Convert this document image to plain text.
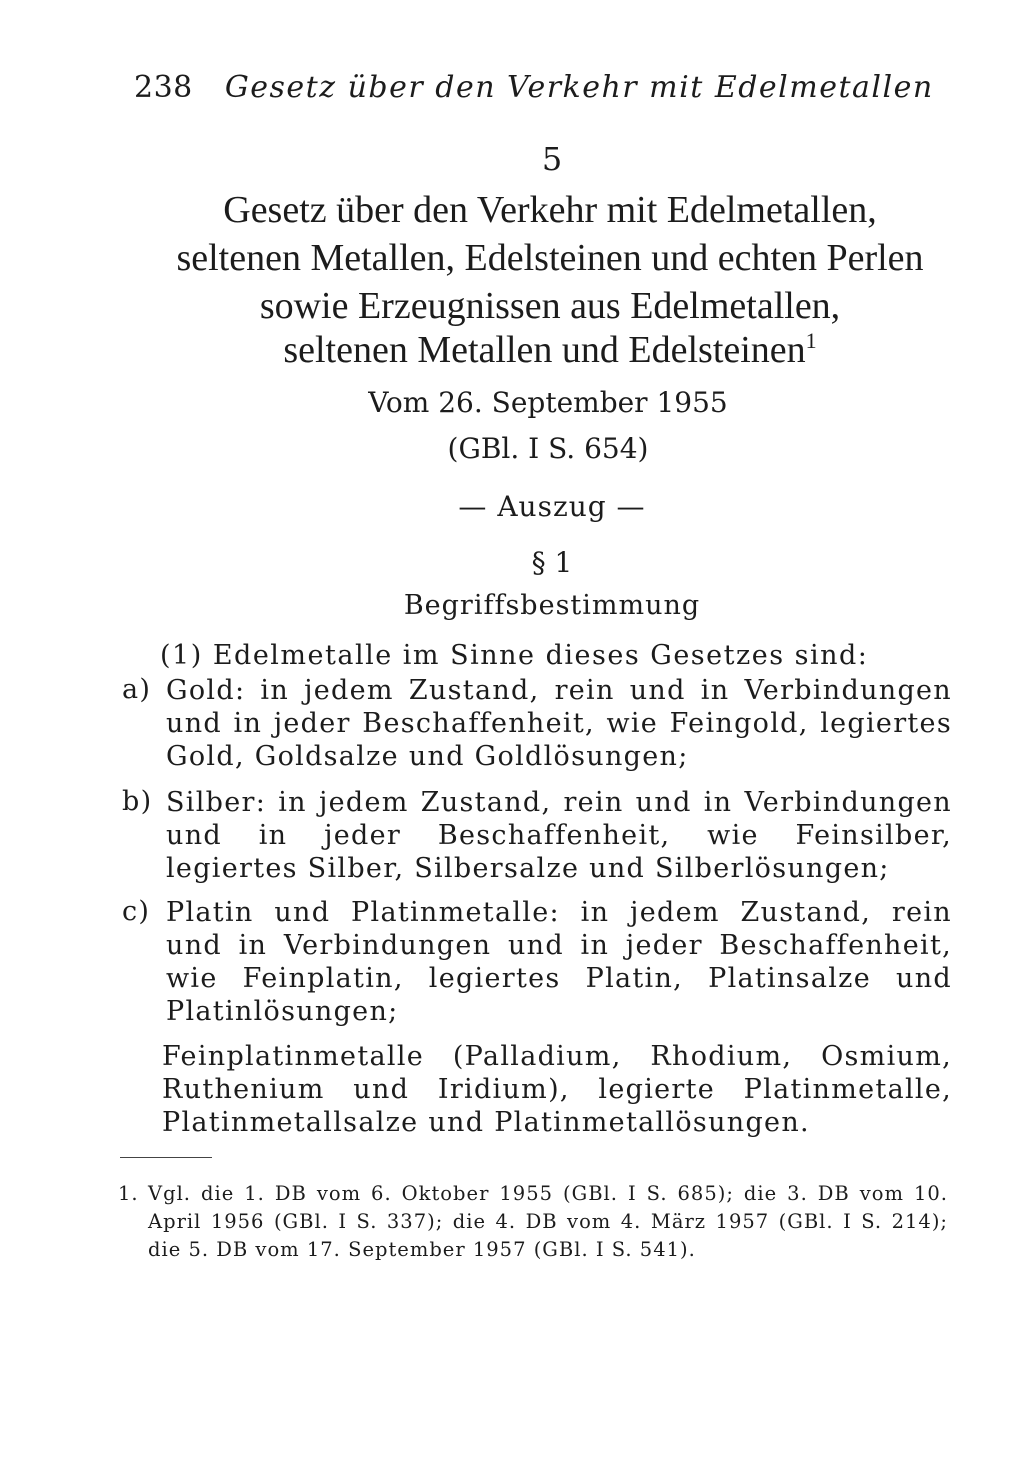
238 Gesetz über den Verkehr mit Edelmetallen
5
Gesetz über den Verkehr mit Edelmetallen,
seltenen Metallen, Edelsteinen und echten Perlen
sowie Erzeugnissen aus Edelmetallen,
seltenen Metallen und Edelsteinen$^1$
Vom 26. September 1955
(GBl. I S. 654)
— Auszug —
§ 1
Begriffsbestimmung
(1) Edelmetalle im Sinne dieses Gesetzes sind:
a) Gold: in jedem Zustand, rein und in Verbindungen und in jeder Beschaffenheit, wie Feingold, legiertes Gold, Goldsalze und Goldlösungen;
b) Silber: in jedem Zustand, rein und in Verbindungen und in jeder Beschaffenheit, wie Feinsilber, legiertes Silber, Silbersalze und Silberlösungen;
c) Platin und Platinmetalle: in jedem Zustand, rein und in Verbindungen und in jeder Beschaffenheit, wie Feinplatin, legiertes Platin, Platinsalze und Platinlösungen;
Feinplatinmetalle (Palladium, Rhodium, Osmium, Ruthenium und Iridium), legierte Platinmetalle, Platinmetallsalze und Platinmetallösungen.
1. Vgl. die 1. DB vom 6. Oktober 1955 (GBl. I S. 685); die 3. DB vom 10. April 1956 (GBl. I S. 337); die 4. DB vom 4. März 1957 (GBl. I S. 214); die 5. DB vom 17. September 1957 (GBl. I S. 541).
